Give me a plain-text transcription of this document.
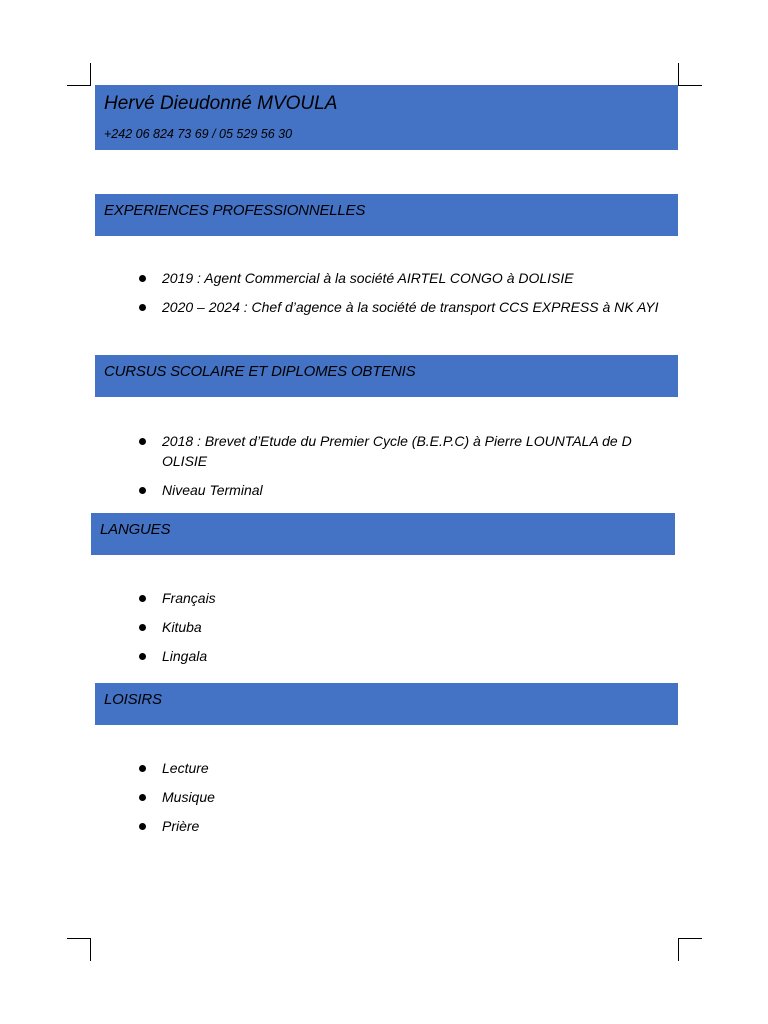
Hervé Dieudonné MVOULA
+242 06 824 73 69 / 05 529 56 30
EXPERIENCES PROFESSIONNELLES
2019 : Agent Commercial à la société AIRTEL CONGO à DOLISIE
2020 – 2024 : Chef d’agence à la société de transport CCS EXPRESS à NK AYI
CURSUS SCOLAIRE ET DIPLOMES OBTENIS
2018 : Brevet d’Etude du Premier Cycle (B.E.P.C) à Pierre LOUNTALA de D OLISIE
Niveau Terminal
LANGUES
Français
Kituba
Lingala
LOISIRS
Lecture
Musique
Prière
